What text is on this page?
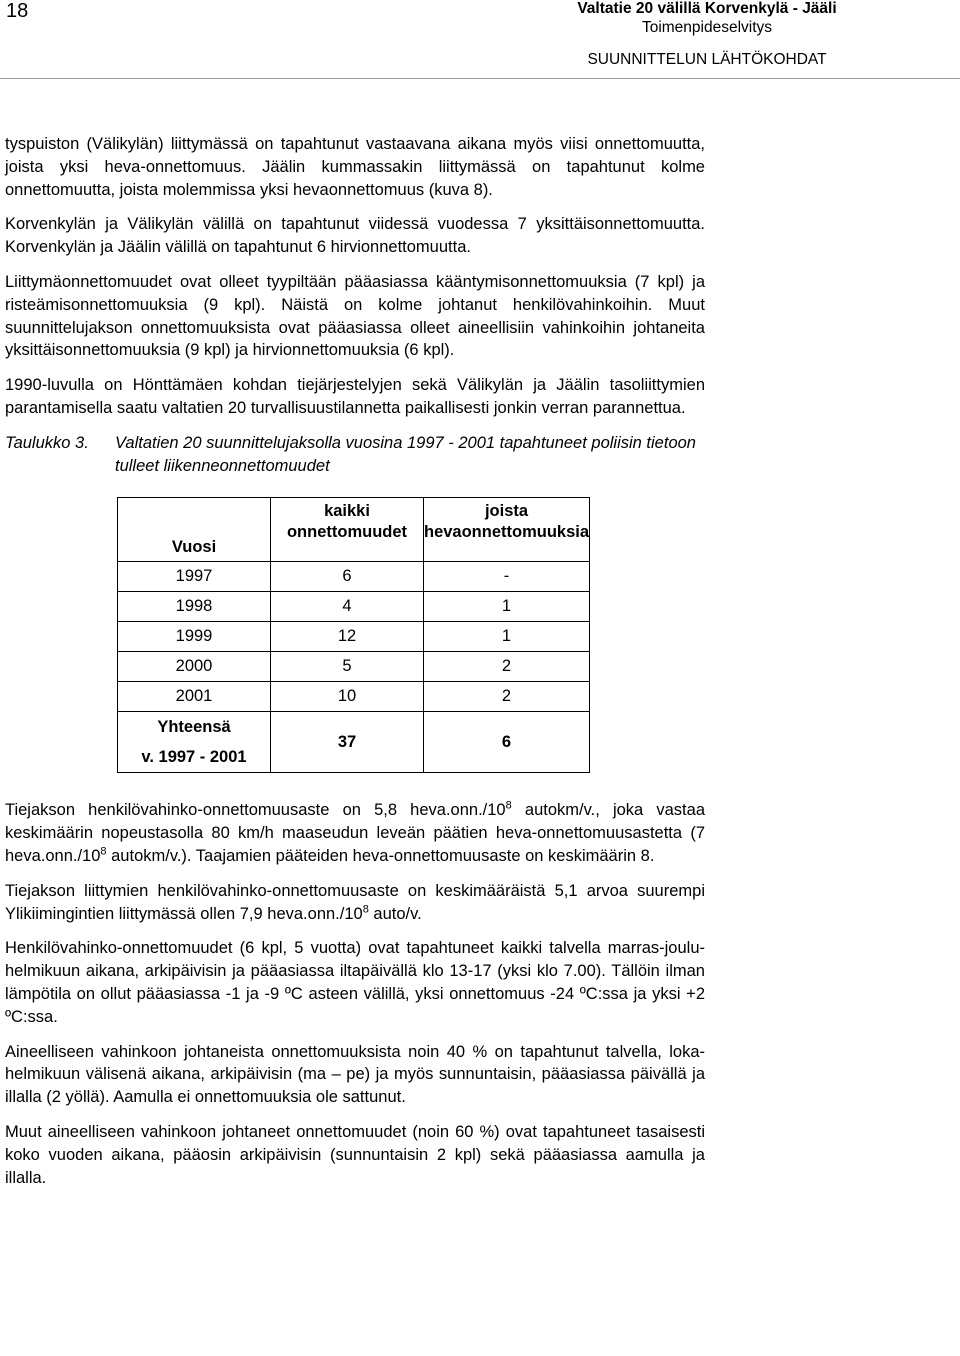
18	Valtatie 20 välillä Korvenkylä - Jääli
Toimenpideselvitys
SUUNNITTELUN LÄHTÖKOHDAT

tyspuiston (Välikylän) liittymässä on tapahtunut vastaavana aikana myös viisi onnettomuutta, joista yksi heva-onnettomuus. Jäälin kummassakin liittymässä on tapahtunut kolme onnettomuutta, joista molemmissa yksi hevaonnettomuus (kuva 8).

Korvenkylän ja Välikylän välillä on tapahtunut viidessä vuodessa 7 yksittäisonnettomuutta. Korvenkylän ja Jäälin välillä on tapahtunut 6 hirvionnettomuutta.

Liittymäonnettomuudet ovat olleet tyypiltään pääasiassa kääntymisonnettomuuksia (7 kpl) ja risteämisonnettomuuksia (9 kpl). Näistä on kolme johtanut henkilövahinkoihin. Muut suunnittelujakson onnettomuuksista ovat pääasiassa olleet aineellisiin vahinkoihin johtaneita yksittäisonnettomuuksia (9 kpl) ja hirvionnettomuuksia (6 kpl).

1990-luvulla on Hönttämäen kohdan tiejärjestelyjen sekä Välikylän ja Jäälin tasoliittymien parantamisella saatu valtatien 20 turvallisuustilannetta paikallisesti jonkin verran parannettua.

Taulukko 3.	Valtatien 20 suunnittelujaksolla vuosina 1997 - 2001 tapahtuneet poliisin tietoon tulleet liikenneonnettomuudet
Vuosi	kaikki onnettomuudet	joista hevaonnettomuuksia
1997	6	-
1998	4	1
1999	12	1
2000	5	2
2001	10	2
Yhteensä
v. 1997 - 2001	37	6

Tiejakson henkilövahinko-onnettomuusaste on 5,8 $heva.onn./10^8$ autokm/v., joka vastaa keskimäärin nopeustasolla 80 km/h maaseudun leveän päätien heva-onnettomuusastetta (7 $heva.onn./10^8$ autokm/v.). Taajamien pääteiden heva-onnettomuusaste on keskimäärin 8.

Tiejakson liittymien henkilövahinko-onnettomuusaste on keskimääräistä 5,1 arvoa suurempi Ylikiimingintien liittymässä ollen 7,9 $heva.onn./10^8$ auto/v.

Henkilövahinko-onnettomuudet (6 kpl, 5 vuotta) ovat tapahtuneet kaikki talvella marras-joulu-helmikuun aikana, arkipäivisin ja pääasiassa iltapäivällä klo 13-17 (yksi klo 7.00). Tällöin ilman lämpötila on ollut pääasiassa -1 ja -9 ºC asteen välillä, yksi onnettomuus -24 ºC:ssa ja yksi +2 ºC:ssa.

Aineelliseen vahinkoon johtaneista onnettomuuksista noin 40 % on tapahtunut talvella, loka-helmikuun välisenä aikana, arkipäivisin (ma – pe) ja myös sunnuntaisin, pääasiassa päivällä ja illalla (2 yöllä). Aamulla ei onnettomuuksia ole sattunut.

Muut aineelliseen vahinkoon johtaneet onnettomuudet (noin 60 %) ovat tapahtuneet tasaisesti koko vuoden aikana, pääosin arkipäivisin (sunnuntaisin 2 kpl) sekä pääasiassa aamulla ja illalla.
